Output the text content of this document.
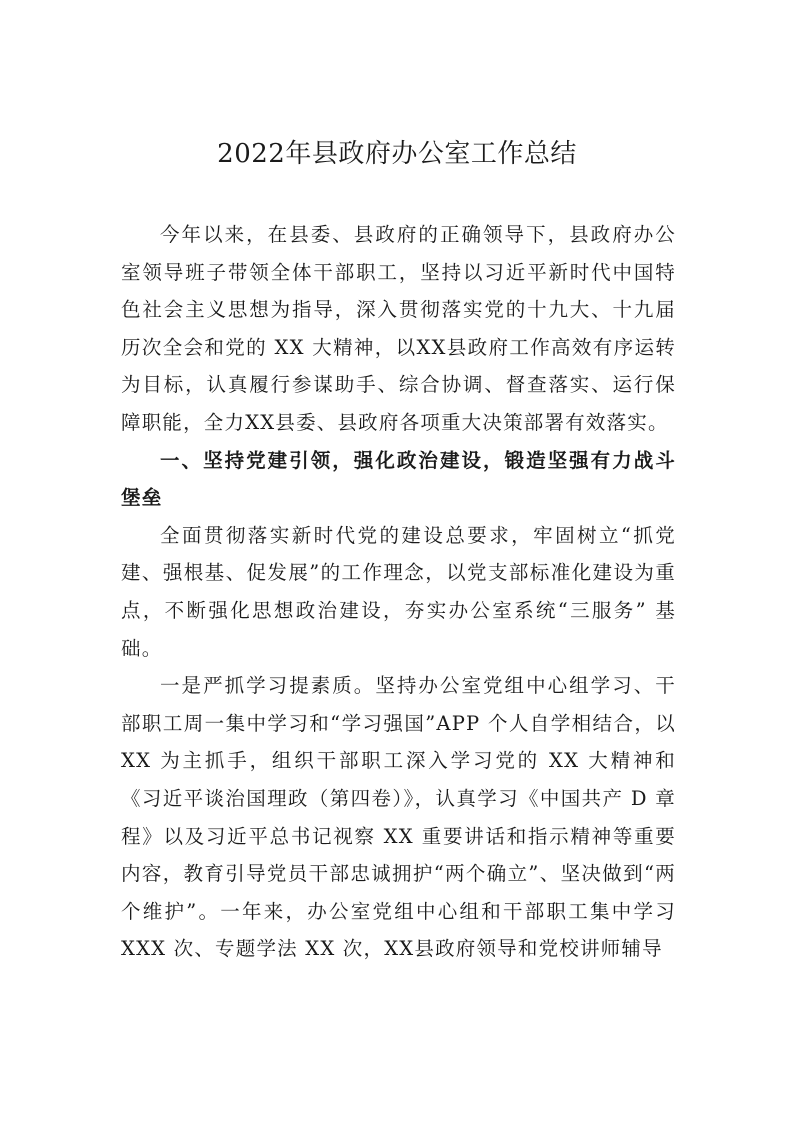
2022年县政府办公室工作总结

今年以来，在县委、县政府的正确领导下，县政府办公室领导班子带领全体干部职工，坚持以习近平新时代中国特色社会主义思想为指导，深入贯彻落实党的十九大、十九届历次全会和党的 XX 大精神，以XX县政府工作高效有序运转为目标，认真履行参谋助手、综合协调、督查落实、运行保障职能，全力XX县委、县政府各项重大决策部署有效落实。

一、坚持党建引领，强化政治建设，锻造坚强有力战斗堡垒

全面贯彻落实新时代党的建设总要求，牢固树立“抓党建、强根基、促发展”的工作理念，以党支部标准化建设为重点，不断强化思想政治建设，夯实办公室系统“三服务” 基础。

一是严抓学习提素质。坚持办公室党组中心组学习、干部职工周一集中学习和“学习强国”APP 个人自学相结合，以 XX 为主抓手，组织干部职工深入学习党的 XX 大精神和《习近平谈治国理政（第四卷）》，认真学习《中国共产 D 章程》以及习近平总书记视察 XX 重要讲话和指示精神等重要内容，教育引导党员干部忠诚拥护“两个确立”、坚决做到“两个维护”。一年来，办公室党组中心组和干部职工集中学习 XXX 次、专题学法 XX 次，XX县政府领导和党校讲师辅导
